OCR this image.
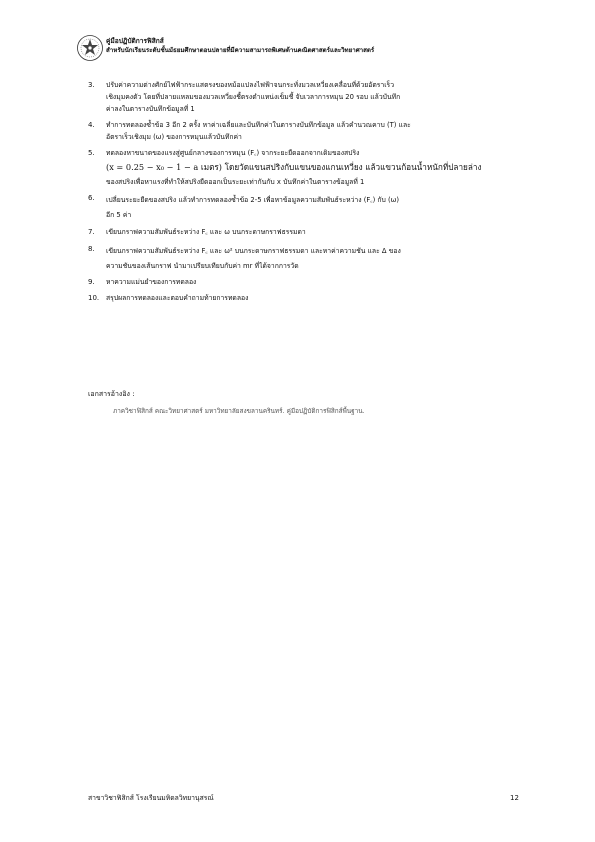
คู่มือปฏิบัติการฟิสิกส์
สำหรับนักเรียนระดับชั้นมัธยมศึกษาตอนปลายที่มีความสามารถพิเศษด้านคณิตศาสตร์และวิทยาศาสตร์
3.	ปรับค่าความต่างศักย์ไฟฟ้ากระแสตรงของหม้อแปลงไฟฟ้าจนกระทั่งมวลเหวี่ยงเคลื่อนที่ด้วยอัตราเร็ว
เชิงมุมคงตัว โดยที่ปลายแหลมของมวลเหวี่ยงชี้ตรงตำแหน่งเข็มชี้ จับเวลาการหมุน 20 รอบ แล้วบันทึก
ค่าลงในตารางบันทึกข้อมูลที่ 1
4.	ทำการทดลองซ้ำข้อ 3 อีก 2 ครั้ง หาค่าเฉลี่ยและบันทึกค่าในตารางบันทึกข้อมูล แล้วคำนวณคาบ (T) และ
อัตราเร็วเชิงมุม (ω) ของการหมุนแล้วบันทึกค่า
5.	ทดลองหาขนาดของแรงสู่ศูนย์กลางของการหมุน (F꜀) จากระยะยืดออกจากเดิมของสปริง
(x = 0.25 − x₀ − 1 − a เมตร) โดยวัดแขนสปริงกับแขนของแกนเหวี่ยง แล้วแขวนก้อนน้ำหนักที่ปลายล่าง
ของสปริงเพื่อหาแรงที่ทำให้สปริงยืดออกเป็นระยะเท่ากันกับ x บันทึกค่าในตารางข้อมูลที่ 1
6.	เปลี่ยนระยะยืดของสปริง แล้วทำการทดลองซ้ำข้อ 2-5 เพื่อหาข้อมูลความสัมพันธ์ระหว่าง (F꜀) กับ (ω)
อีก 5 ค่า
7.	เขียนกราฟความสัมพันธ์ระหว่าง F꜀ และ ω บนกระดาษกราฟธรรมดา
8.	เขียนกราฟความสัมพันธ์ระหว่าง F꜀ และ ω² บนกระดาษกราฟธรรมดา และหาค่าความชัน และ Δ ของ
ความชันของเส้นกราฟ นำมาเปรียบเทียบกับค่า mr ที่ได้จากการวัด
9.	หาความแม่นยำของการทดลอง
10.	สรุปผลการทดลองและตอบคำถามท้ายการทดลอง
เอกสารอ้างอิง :
ภาควิชาฟิสิกส์ คณะวิทยาศาสตร์ มหาวิทยาลัยสงขลานครินทร์. คู่มือปฏิบัติการฟิสิกส์พื้นฐาน.
สาขาวิชาฟิสิกส์ โรงเรียนมหิดลวิทยานุสรณ์	12
